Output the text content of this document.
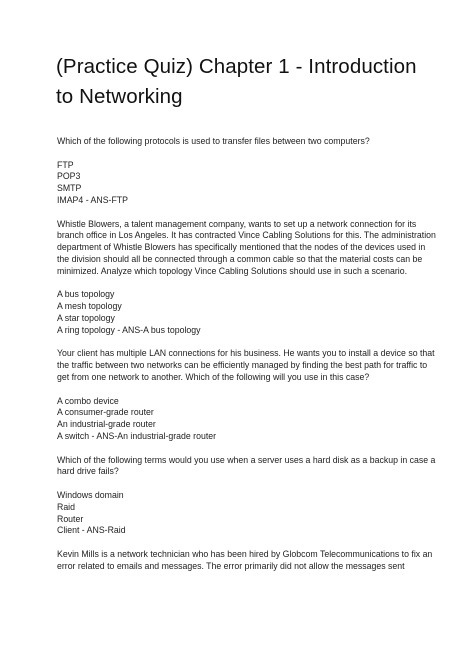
(Practice Quiz) Chapter 1 - Introduction to Networking

Which of the following protocols is used to transfer files between two computers?

FTP
POP3
SMTP
IMAP4 - ANS-FTP

Whistle Blowers, a talent management company, wants to set up a network connection for its branch office in Los Angeles. It has contracted Vince Cabling Solutions for this. The administration department of Whistle Blowers has specifically mentioned that the nodes of the devices used in the division should all be connected through a common cable so that the material costs can be minimized. Analyze which topology Vince Cabling Solutions should use in such a scenario.

A bus topology
A mesh topology
A star topology
A ring topology - ANS-A bus topology

Your client has multiple LAN connections for his business. He wants you to install a device so that the traffic between two networks can be efficiently managed by finding the best path for traffic to get from one network to another. Which of the following will you use in this case?

A combo device
A consumer-grade router
An industrial-grade router
A switch - ANS-An industrial-grade router

Which of the following terms would you use when a server uses a hard disk as a backup in case a hard drive fails?

Windows domain
Raid
Router
Client - ANS-Raid

Kevin Mills is a network technician who has been hired by Globcom Telecommunications to fix an error related to emails and messages. The error primarily did not allow the messages sent
